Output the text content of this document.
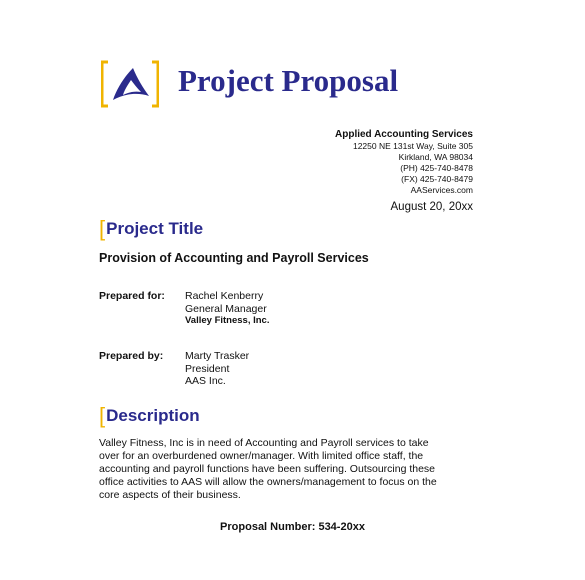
Project Proposal
Applied Accounting Services
12250 NE 131st Way, Suite 305
Kirkland, WA 98034
(PH) 425-740-8478
(FX) 425-740-8479
AAServices.com
August 20, 20xx
[Project Title
Provision of Accounting and Payroll Services
Prepared for: Rachel Kenberry
General Manager
Valley Fitness, Inc.
Prepared by: Marty Trasker
President
AAS Inc.
[Description

Valley Fitness, Inc is in need of Accounting and Payroll services to take

over for an overburdened owner/manager. With limited office staff, the

accounting and payroll functions have been suffering. Outsourcing these

office activities to AAS will allow the owners/management to focus on the

core aspects of their business.

Proposal Number: 534-20xx
